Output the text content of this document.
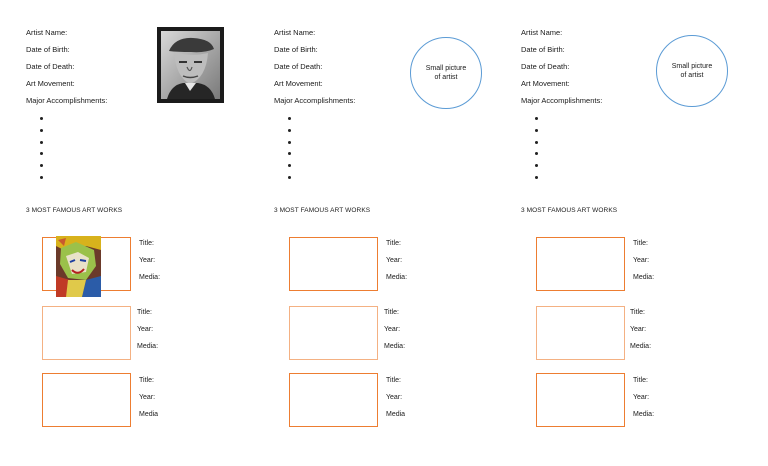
Artist Name:
Date of Birth:
Date of Death:
Art Movement:
Major Accomplishments:
3 MOST FAMOUS ART WORKS
Title:
Year:
Media:
Title:
Year:
Media:
Title:
Year:
Media
Artist Name:
Date of Birth:
Date of Death:
Art Movement:
Major Accomplishments:
Small picture of artist
3 MOST FAMOUS ART WORKS
Title:
Year:
Media:
Title:
Year:
Media:
Title:
Year:
Media
Artist Name:
Date of Birth:
Date of Death:
Art Movement:
Major Accomplishments:
Small picture of artist
3 MOST FAMOUS ART WORKS
Title:
Year:
Media:
Title:
Year:
Media:
Title:
Year:
Media:
